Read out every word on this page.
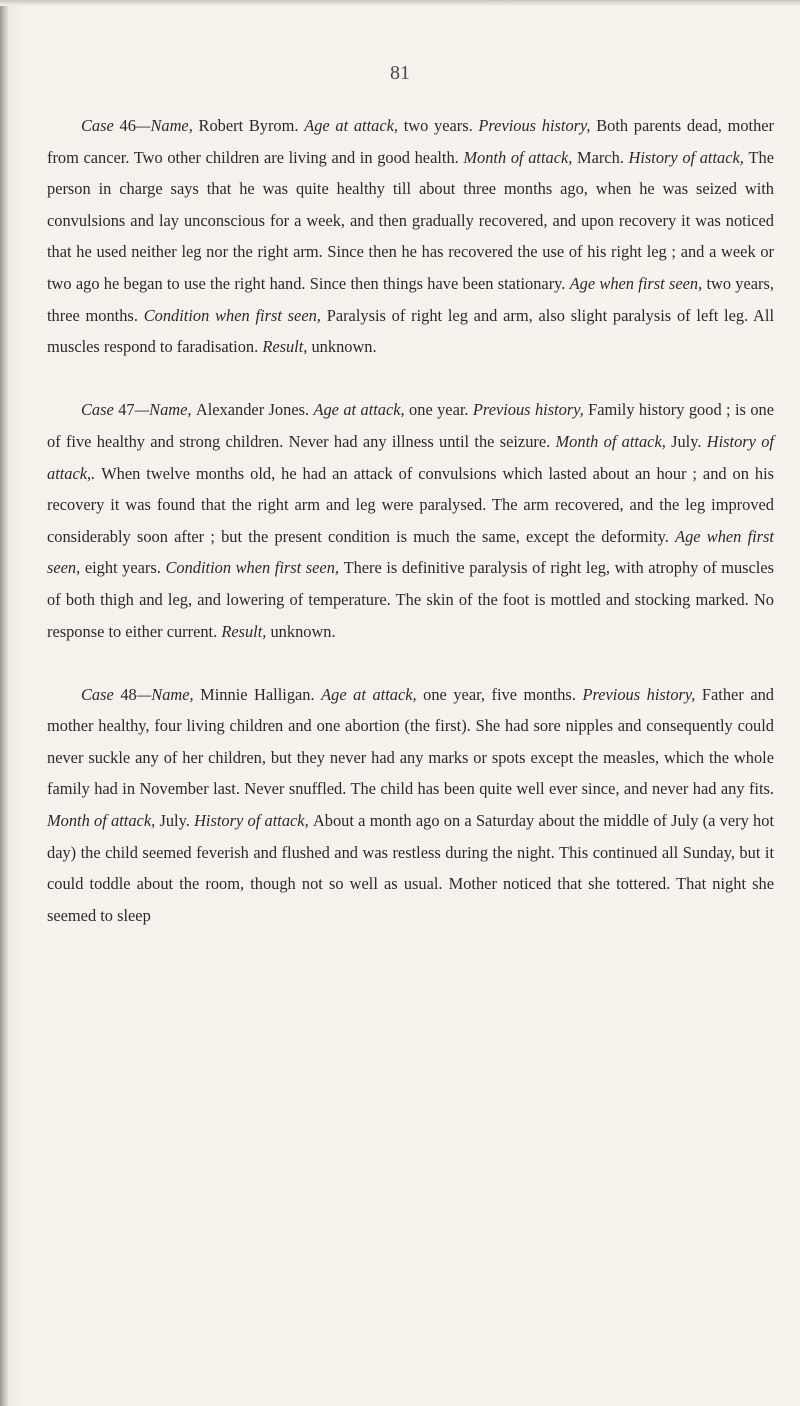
81

Case 46—Name, Robert Byrom. Age at attack, two years. Previous history, Both parents dead, mother from cancer. Two other children are living and in good health. Month of attack, March. History of attack, The person in charge says that he was quite healthy till about three months ago, when he was seized with convulsions and lay unconscious for a week, and then gradually recovered, and upon recovery it was noticed that he used neither leg nor the right arm. Since then he has recovered the use of his right leg ; and a week or two ago he began to use the right hand. Since then things have been stationary. Age when first seen, two years, three months. Condition when first seen, Paralysis of right leg and arm, also slight paralysis of left leg. All muscles respond to faradisation. Result, unknown.

Case 47—Name, Alexander Jones. Age at attack, one year. Previous history, Family history good ; is one of five healthy and strong children. Never had any illness until the seizure. Month of attack, July. History of attack,. When twelve months old, he had an attack of convulsions which lasted about an hour ; and on his recovery it was found that the right arm and leg were paralysed. The arm recovered, and the leg improved considerably soon after ; but the present condition is much the same, except the deformity. Age when first seen, eight years. Condition when first seen, There is definitive paralysis of right leg, with atrophy of muscles of both thigh and leg, and lowering of temperature. The skin of the foot is mottled and stocking marked. No response to either current. Result, unknown.

Case 48—Name, Minnie Halligan. Age at attack, one year, five months. Previous history, Father and mother healthy, four living children and one abortion (the first). She had sore nipples and consequently could never suckle any of her children, but they never had any marks or spots except the measles, which the whole family had in November last. Never snuffled. The child has been quite well ever since, and never had any fits. Month of attack, July. History of attack, About a month ago on a Saturday about the middle of July (a very hot day) the child seemed feverish and flushed and was restless during the night. This continued all Sunday, but it could toddle about the room, though not so well as usual. Mother noticed that she tottered. That night she seemed to sleep
